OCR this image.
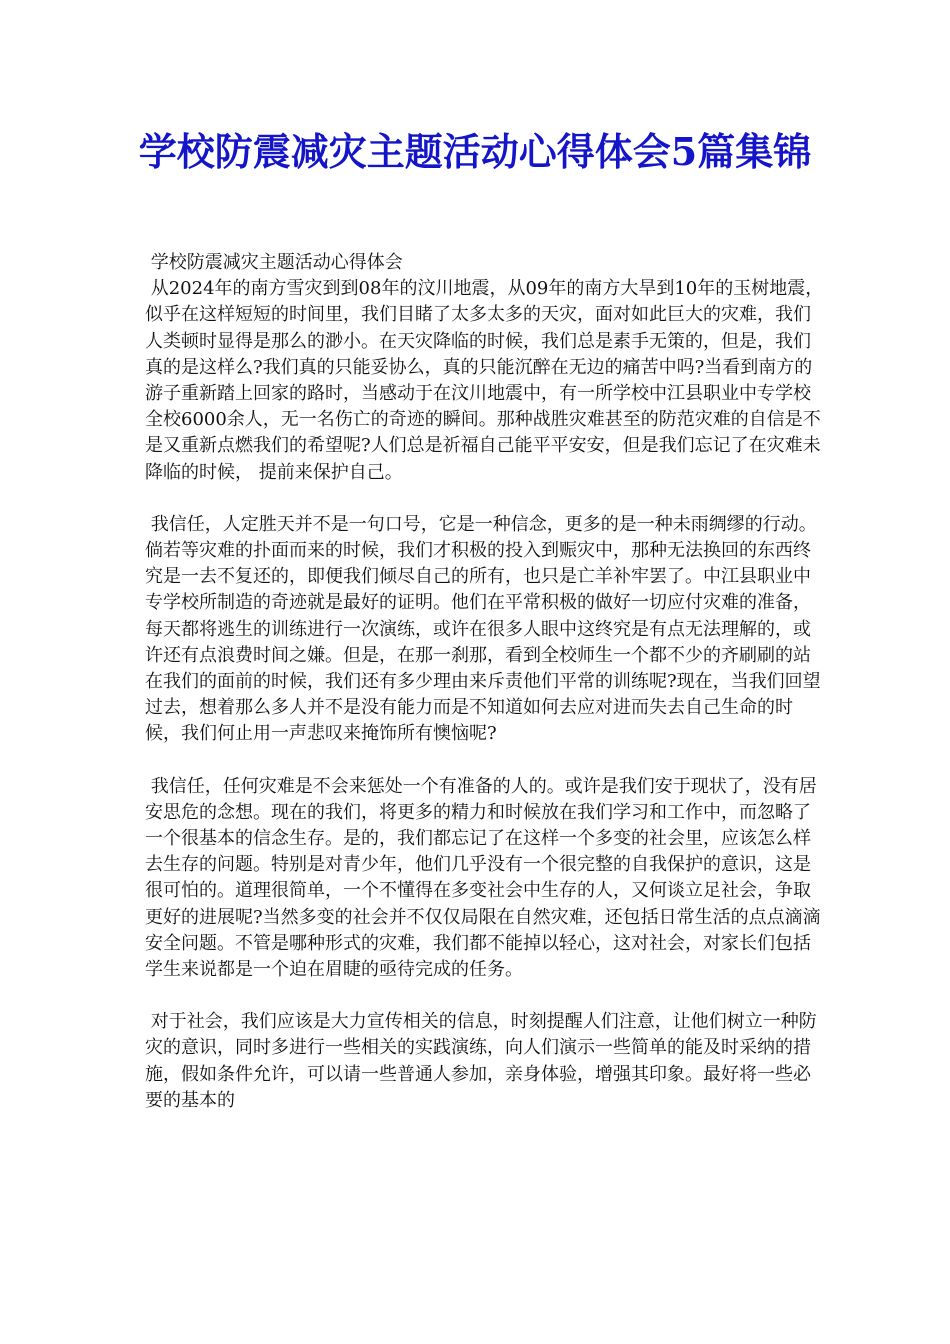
学校防震减灾主题活动心得体会5篇集锦

学校防震减灾主题活动心得体会

从2024年的南方雪灾到到08年的汶川地震，从09年的南方大旱到10年的玉树地震，似乎在这样短短的时间里，我们目睹了太多太多的天灾，面对如此巨大的灾难，我们人类顿时显得是那么的渺小。在天灾降临的时候，我们总是素手无策的，但是，我们真的是这样么?我们真的只能妥协么，真的只能沉醉在无边的痛苦中吗?当看到南方的游子重新踏上回家的路时，当感动于在汶川地震中，有一所学校中江县职业中专学校全校6000余人，无一名伤亡的奇迹的瞬间。那种战胜灾难甚至的防范灾难的自信是不是又重新点燃我们的希望呢?人们总是祈福自己能平平安安，但是我们忘记了在灾难未降临的时候， 提前来保护自己。

我信任，人定胜天并不是一句口号，它是一种信念，更多的是一种未雨绸缪的行动。倘若等灾难的扑面而来的时候，我们才积极的投入到赈灾中，那种无法换回的东西终究是一去不复还的，即便我们倾尽自己的所有，也只是亡羊补牢罢了。中江县职业中专学校所制造的奇迹就是最好的证明。他们在平常积极的做好一切应付灾难的准备，每天都将逃生的训练进行一次演练，或许在很多人眼中这终究是有点无法理解的，或许还有点浪费时间之嫌。但是，在那一刹那，看到全校师生一个都不少的齐刷刷的站在我们的面前的时候，我们还有多少理由来斥责他们平常的训练呢?现在，当我们回望过去，想着那么多人并不是没有能力而是不知道如何去应对进而失去自己生命的时候，我们何止用一声悲叹来掩饰所有懊恼呢?

我信任，任何灾难是不会来惩处一个有准备的人的。或许是我们安于现状了，没有居安思危的念想。现在的我们，将更多的精力和时候放在我们学习和工作中，而忽略了一个很基本的信念生存。是的，我们都忘记了在这样一个多变的社会里，应该怎么样去生存的问题。特别是对青少年，他们几乎没有一个很完整的自我保护的意识，这是很可怕的。道理很简单，一个不懂得在多变社会中生存的人，又何谈立足社会，争取更好的进展呢?当然多变的社会并不仅仅局限在自然灾难，还包括日常生活的点点滴滴安全问题。不管是哪种形式的灾难，我们都不能掉以轻心，这对社会，对家长们包括学生来说都是一个迫在眉睫的亟待完成的任务。

对于社会，我们应该是大力宣传相关的信息，时刻提醒人们注意，让他们树立一种防灾的意识，同时多进行一些相关的实践演练，向人们演示一些简单的能及时采纳的措施，假如条件允许，可以请一些普通人参加，亲身体验，增强其印象。最好将一些必要的基本的
